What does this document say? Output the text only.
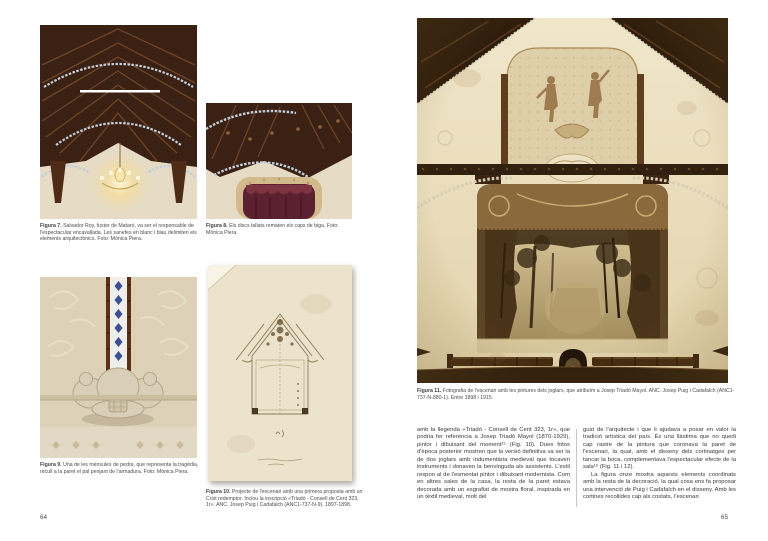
Figura 7. Salvador Roy, fuster de Mataró, va ser el responsable de l'espectacular encavallada. Les sanefes en blanc i blau delimiten els elements arquitectònics. Foto: Mònica Piera.

Figura 8. Els discs tallats rematen els caps de biga. Foto: Mònica Piera.

Figura 9. Una de les mènsules de pedra, que representa la tragèdia, recull a la paret el pal penjant de l'armadura. Foto: Mònica Piera.

Figura 10. Projecte de l'escenari amb una primera proposta amb un Crist redemptor. Inclou la inscripció «Triadó - Consell de Cent 323, 1r». ANC. Josep Puig i Cadafalch (ANC1-737-N-9). 1897-1898.

64

Figura 11. Fotografia de l'escenari amb les pintures dels joglars, que atribuïm a Josep Triadó Mayol. ANC. Josep Puig i Cadafalch (ANC1-737-N-880-1). Entre 1898 i 1915.

amb la llegenda «Triadó - Consell de Cent 323, 1r», que podria fer referència a Josep Triadó Mayol (1870-1929), pintor i dibuixant del moment¹⁵ (Fig. 10). Dues fotos d'època posterior mostren que la versió definitiva va ser la de dos joglars amb indumentària medieval que tocaven instruments i donaven la benvinguda als assistents. L'estil respon al de l'esmentat pintor i dibuixant modernista. Com en altres sales de la casa, la resta de la paret estava decorada amb un esgrafiat de mostra floral, inspirada en un tèxtil medieval, molt del

gust de l'arquitecte i que li ajudava a posar en valor la tradició artística del país. És una llàstima que no quedi cap rastre de la pintura que coronava la paret de l'escenari, la qual, amb el disseny dels cortinatges per tancar la boca, complementava l'espectacular efecte de la sala¹⁶ (Fig. 11 i 12).

La figura onze mostra aquests elements coordinats amb la resta de la decoració, la qual cosa ens fa proposar una intervenció de Puig i Cadafalch en el disseny. Amb les cortines recollides cap als costats, l'escenari

65
